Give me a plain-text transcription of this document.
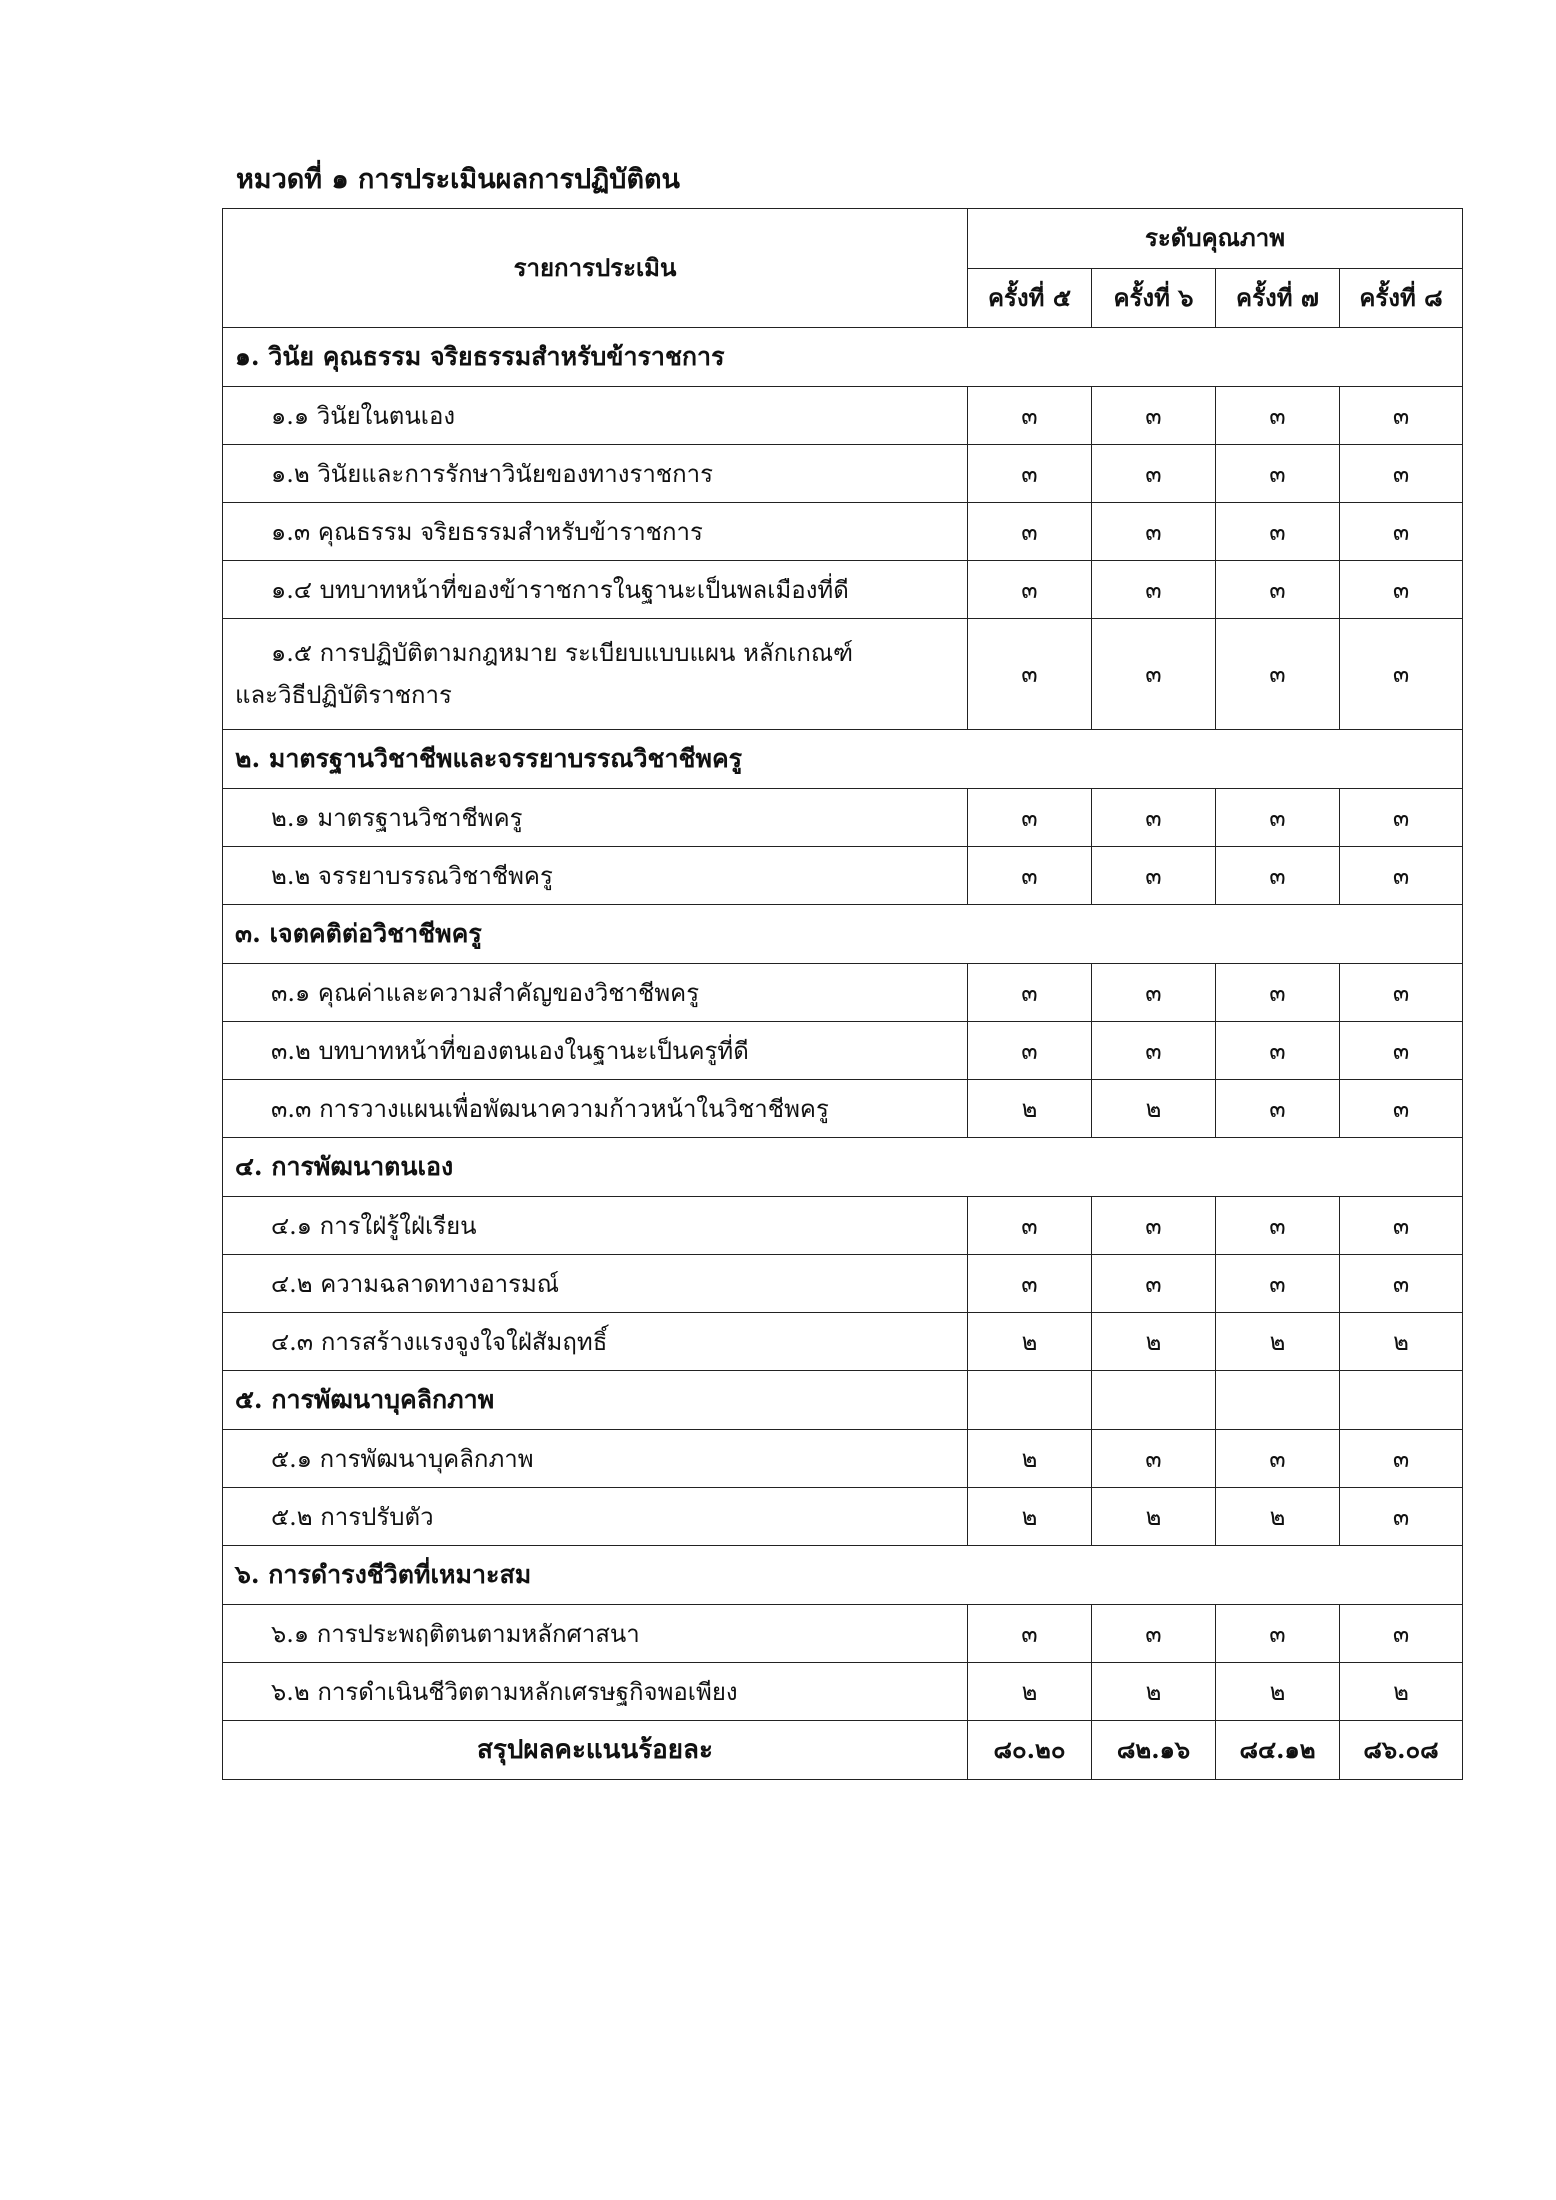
หมวดที่ ๑ การประเมินผลการปฏิบัติตน
รายการประเมิน	ระดับคุณภาพ			
	ครั้งที่ ๕	ครั้งที่ ๖	ครั้งที่ ๗	ครั้งที่ ๘
๑. วินัย คุณธรรม จริยธรรมสำหรับข้าราชการ				
๑.๑ วินัยในตนเอง	๓	๓	๓	๓
๑.๒ วินัยและการรักษาวินัยของทางราชการ	๓	๓	๓	๓
๑.๓ คุณธรรม จริยธรรมสำหรับข้าราชการ	๓	๓	๓	๓
๑.๔ บทบาทหน้าที่ของข้าราชการในฐานะเป็นพลเมืองที่ดี	๓	๓	๓	๓

๑.๕ การปฏิบัติตามกฎหมาย ระเบียบแบบแผน หลักเกณฑ์
และวิธีปฏิบัติราชการ	๓	๓	๓	๓
๒. มาตรฐานวิชาชีพและจรรยาบรรณวิชาชีพครู				
๒.๑ มาตรฐานวิชาชีพครู	๓	๓	๓	๓
๒.๒ จรรยาบรรณวิชาชีพครู	๓	๓	๓	๓
๓. เจตคติต่อวิชาชีพครู				
๓.๑ คุณค่าและความสำคัญของวิชาชีพครู	๓	๓	๓	๓
๓.๒ บทบาทหน้าที่ของตนเองในฐานะเป็นครูที่ดี	๓	๓	๓	๓
๓.๓ การวางแผนเพื่อพัฒนาความก้าวหน้าในวิชาชีพครู	๒	๒	๓	๓
๔. การพัฒนาตนเอง				
๔.๑ การใฝ่รู้ใฝ่เรียน	๓	๓	๓	๓
๔.๒ ความฉลาดทางอารมณ์	๓	๓	๓	๓
๔.๓ การสร้างแรงจูงใจใฝ่สัมฤทธิ์	๒	๒	๒	๒
๕. การพัฒนาบุคลิกภาพ				
๕.๑ การพัฒนาบุคลิกภาพ	๒	๓	๓	๓
๕.๒ การปรับตัว	๒	๒	๒	๓
๖. การดำรงชีวิตที่เหมาะสม				
๖.๑ การประพฤติตนตามหลักศาสนา	๓	๓	๓	๓
๖.๒ การดำเนินชีวิตตามหลักเศรษฐกิจพอเพียง	๒	๒	๒	๒
สรุปผลคะแนนร้อยละ	๘๐.๒๐	๘๒.๑๖	๘๔.๑๒	๘๖.๐๘
